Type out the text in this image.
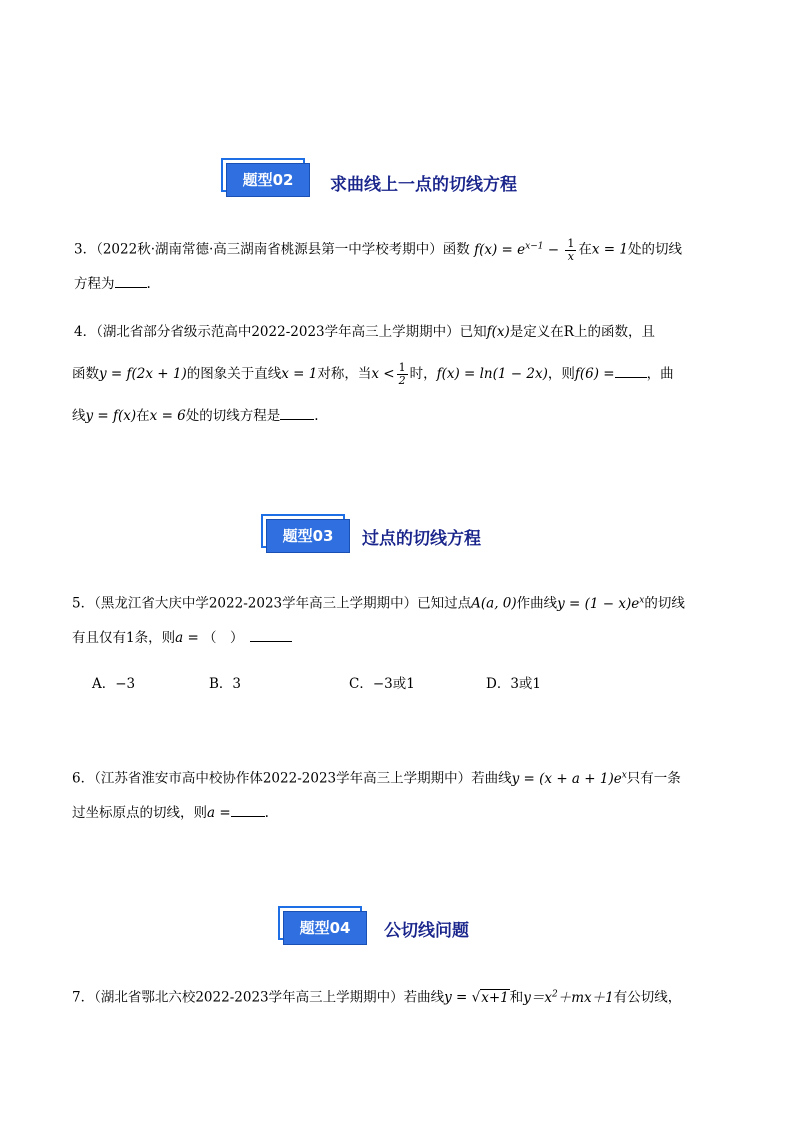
题型02	求曲线上一点的切线方程
3．（2022秋·湖南常德·高三湖南省桃源县第一中学校考期中）函数 $f(x) = e^{x-1} - \frac{1}{x}$ 在x = 1处的切线
方程为 .
4．（湖北省部分省级示范高中2022-2023学年高三上学期期中）已知f(x)是定义在R上的函数，且
函数y = f(2x + 1)的图象关于直线x = 1对称，当$x < \frac{1}{2}$ 时，f(x) = ln(1 − 2x)，则f(6) = ，曲
线y = f(x)在x = 6处的切线方程是	.
题型03	过点的切线方程
5．（黑龙江省大庆中学2022-2023学年高三上学期期中）已知过点A(a, 0)作曲线$y = (1 - x)e^x$的切线
有且仅有1条，则a = （　）
A．−3	B．3	C．−3或1	D．3或1
6．（江苏省淮安市高中校协作体2022-2023学年高三上学期期中）若曲线$y = (x + a + 1)e^x$只有一条
过坐标原点的切线，则a =	.
题型04	公切线问题
7．（湖北省鄂北六校2022-2023学年高三上学期期中）若曲线y = √x+1和$y=x^2+mx+1$有公切线，
